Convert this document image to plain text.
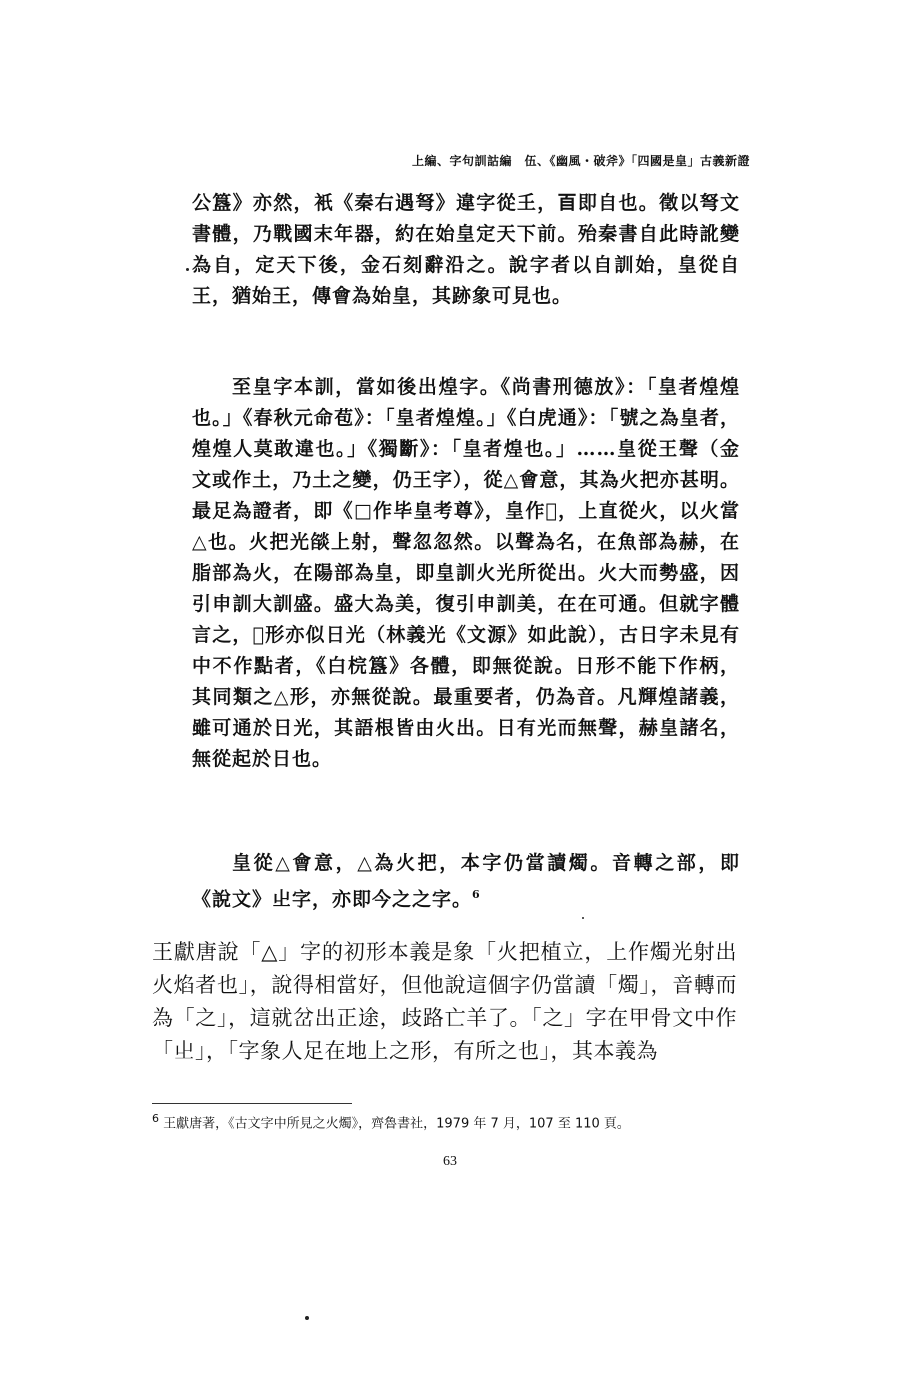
上編、字句訓詁編　伍、《幽風・破斧》「四國是皇」古義新證

公簋》亦然，衹《秦右遇弩》違字從𡈼，𦣻即自也。徵以弩文書體，乃戰國末年器，約在始皇定天下前。殆秦書自此時訛變為自，定天下後，金石刻辭沿之。說字者以自訓始，皇從自王，猶始王，傳會為始皇，其跡象可見也。

至皇字本訓，當如後出煌字。《尚書刑德放》：「皇者煌煌也。」《春秋元命苞》：「皇者煌煌。」《白虎通》：「號之為皇者，煌煌人莫敢違也。」《獨斷》：「皇者煌也。」……皇從王聲（金文或作土，乃土之變，仍王字），從△會意，其為火把亦甚明。最足為證者，即《□作毕皇考尊》，皇作𡴀，上直從火，以火當△也。火把光燄上射，聲忽忽然。以聲為名，在魚部為赫，在脂部為火，在陽部為皇，即皇訓火光所從出。火大而勢盛，因引申訓大訓盛。盛大為美，復引申訓美，在在可通。但就字體言之，𦣻形亦似日光（林義光《文源》如此說），古日字未見有中不作點者，《白梡簋》各體，即無從說。日形不能下作柄，其同類之△形，亦無從說。最重要者，仍為音。凡輝煌諸義，雖可通於日光，其語根皆由火出。日有光而無聲，赫皇諸名，無從起於日也。

皇從△會意，△為火把，本字仍當讀燭。音轉之部，即《說文》𡳿字，亦即今之之字。$^6$

王獻唐說「△」字的初形本義是象「火把植立，上作燭光射出火焰者也」，說得相當好，但他說這個字仍當讀「燭」，音轉而為「之」，這就岔出正途，歧路亡羊了。「之」字在甲骨文中作「𡳿」，「字象人足在地上之形，有所之也」，其本義為

$^6$ 王獻唐著，《古文字中所見之火燭》，齊魯書社，1979 年 7 月，107 至 110 頁。
63
